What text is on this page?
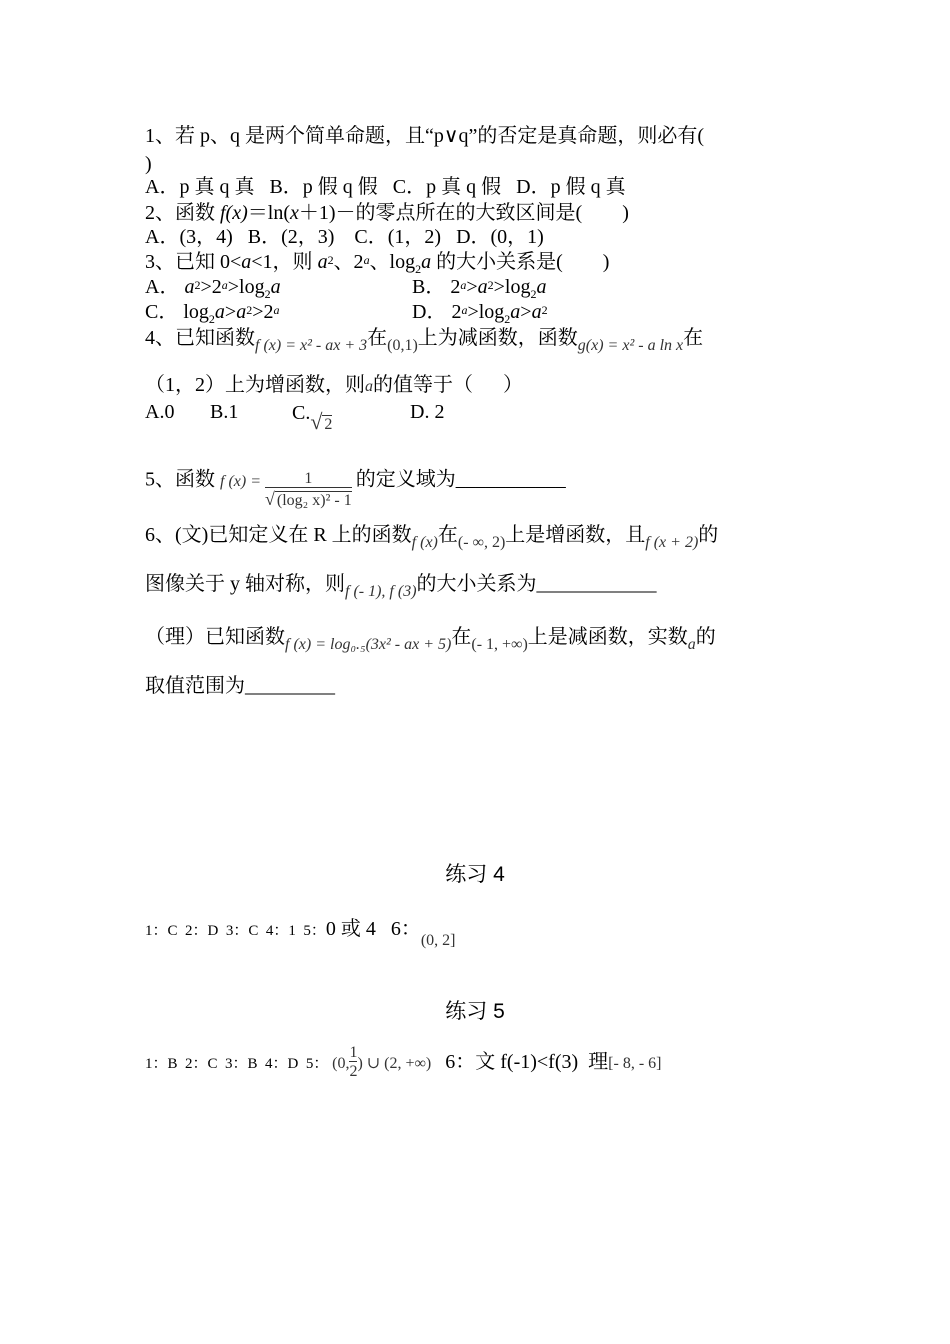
1、若 p、q 是两个简单命题，且“p∨q”的否定是真命题，则必有(
)
A．p 真 q 真   B．p 假 q 假   C．p 真 q 假   D．p 假 q 真
2、函数 f(x)＝ln(x＋1)－的零点所在的大致区间是(        )
A．(3，4)   B．(2，3)    C．(1，2)   D．(0，1)
3、已知 0<a<1，则 $a^2$、2$^a$、$\log_2a$ 的大小关系是(        )
A． $a^2>2^a>\log_2a$	B． $2^a>a^2>\log_2a$
C． $\log_2a>a^2>2^a$	D． $2^a>\log_2a>a^2$
4、已知函数$_{f (x) = x^2 - ax + 3}$在$_{(0,1)}$上为减函数，函数$_{g(x) = x^2 - a ln x}$在
（1，2）上为增函数，则a的值等于（      ）
A.0 B.1	$C._{√ 2}$
D. 2
5、函数 f $(x) = \frac{1}{\text{√ (log₂ x)² - 1}}$ 的定义域为___________
6、(文)已知定义在 R 上的函数$_{f (x)}$在$_{(- \infty, 2)}$上是增函数，且$_{f (x + 2)}$的
图像关于 y 轴对称，则$_{f (- 1), f (3)}$的大小关系为____________
（理）已知函数$_{f (x) = log_0._5(3x^2 - ax + 5)}$在$_{(- 1, +\infty)}$上是减函数，实数$_a$的
取值范围为_________
练习 4
1：C  2：D  3：C  4：1  5：0 或 4   6：(0, 2]
练习 5
1：B  2：C  3：B  4：D  5： (0, $\frac{1}{2}$ ) ∪ (2, +∞)   6：文 f(-1)<f(3)  理[- 8, - 6]
